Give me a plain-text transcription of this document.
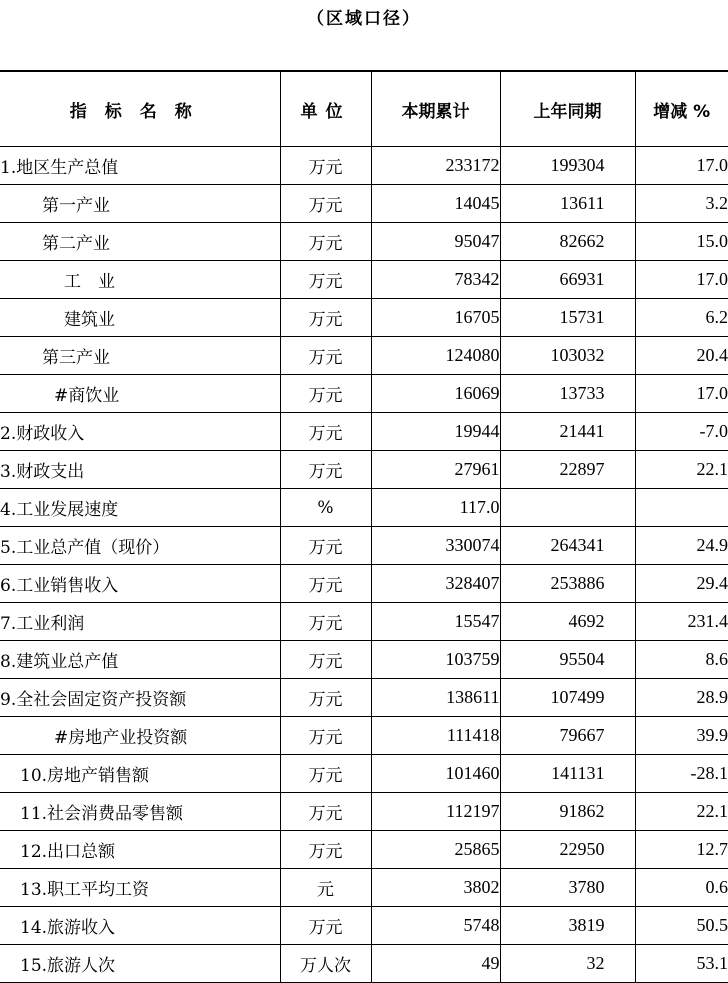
（区域口径）
指标名称	单位	本期累计	上年同期	增减 %
1.地区生产总值	万元	233172	199304	17.0
第一产业	万元	14045	13611	3.2
第二产业	万元	95047	82662	15.0
工　业	万元	78342	66931	17.0
建筑业	万元	16705	15731	6.2
第三产业	万元	124080	103032	20.4
#商饮业	万元	16069	13733	17.0
2.财政收入	万元	19944	21441	-7.0
3.财政支出	万元	27961	22897	22.1
4.工业发展速度	%	117.0		
5.工业总产值（现价）	万元	330074	264341	24.9
6.工业销售收入	万元	328407	253886	29.4
7.工业利润	万元	15547	4692	231.4
8.建筑业总产值	万元	103759	95504	8.6
9.全社会固定资产投资额	万元	138611	107499	28.9
#房地产业投资额	万元	111418	79667	39.9
10.房地产销售额	万元	101460	141131	-28.1
11.社会消费品零售额	万元	112197	91862	22.1
12.出口总额	万元	25865	22950	12.7
13.职工平均工资	元	3802	3780	0.6
14.旅游收入	万元	5748	3819	50.5
15.旅游人次	万人次	49	32	53.1
